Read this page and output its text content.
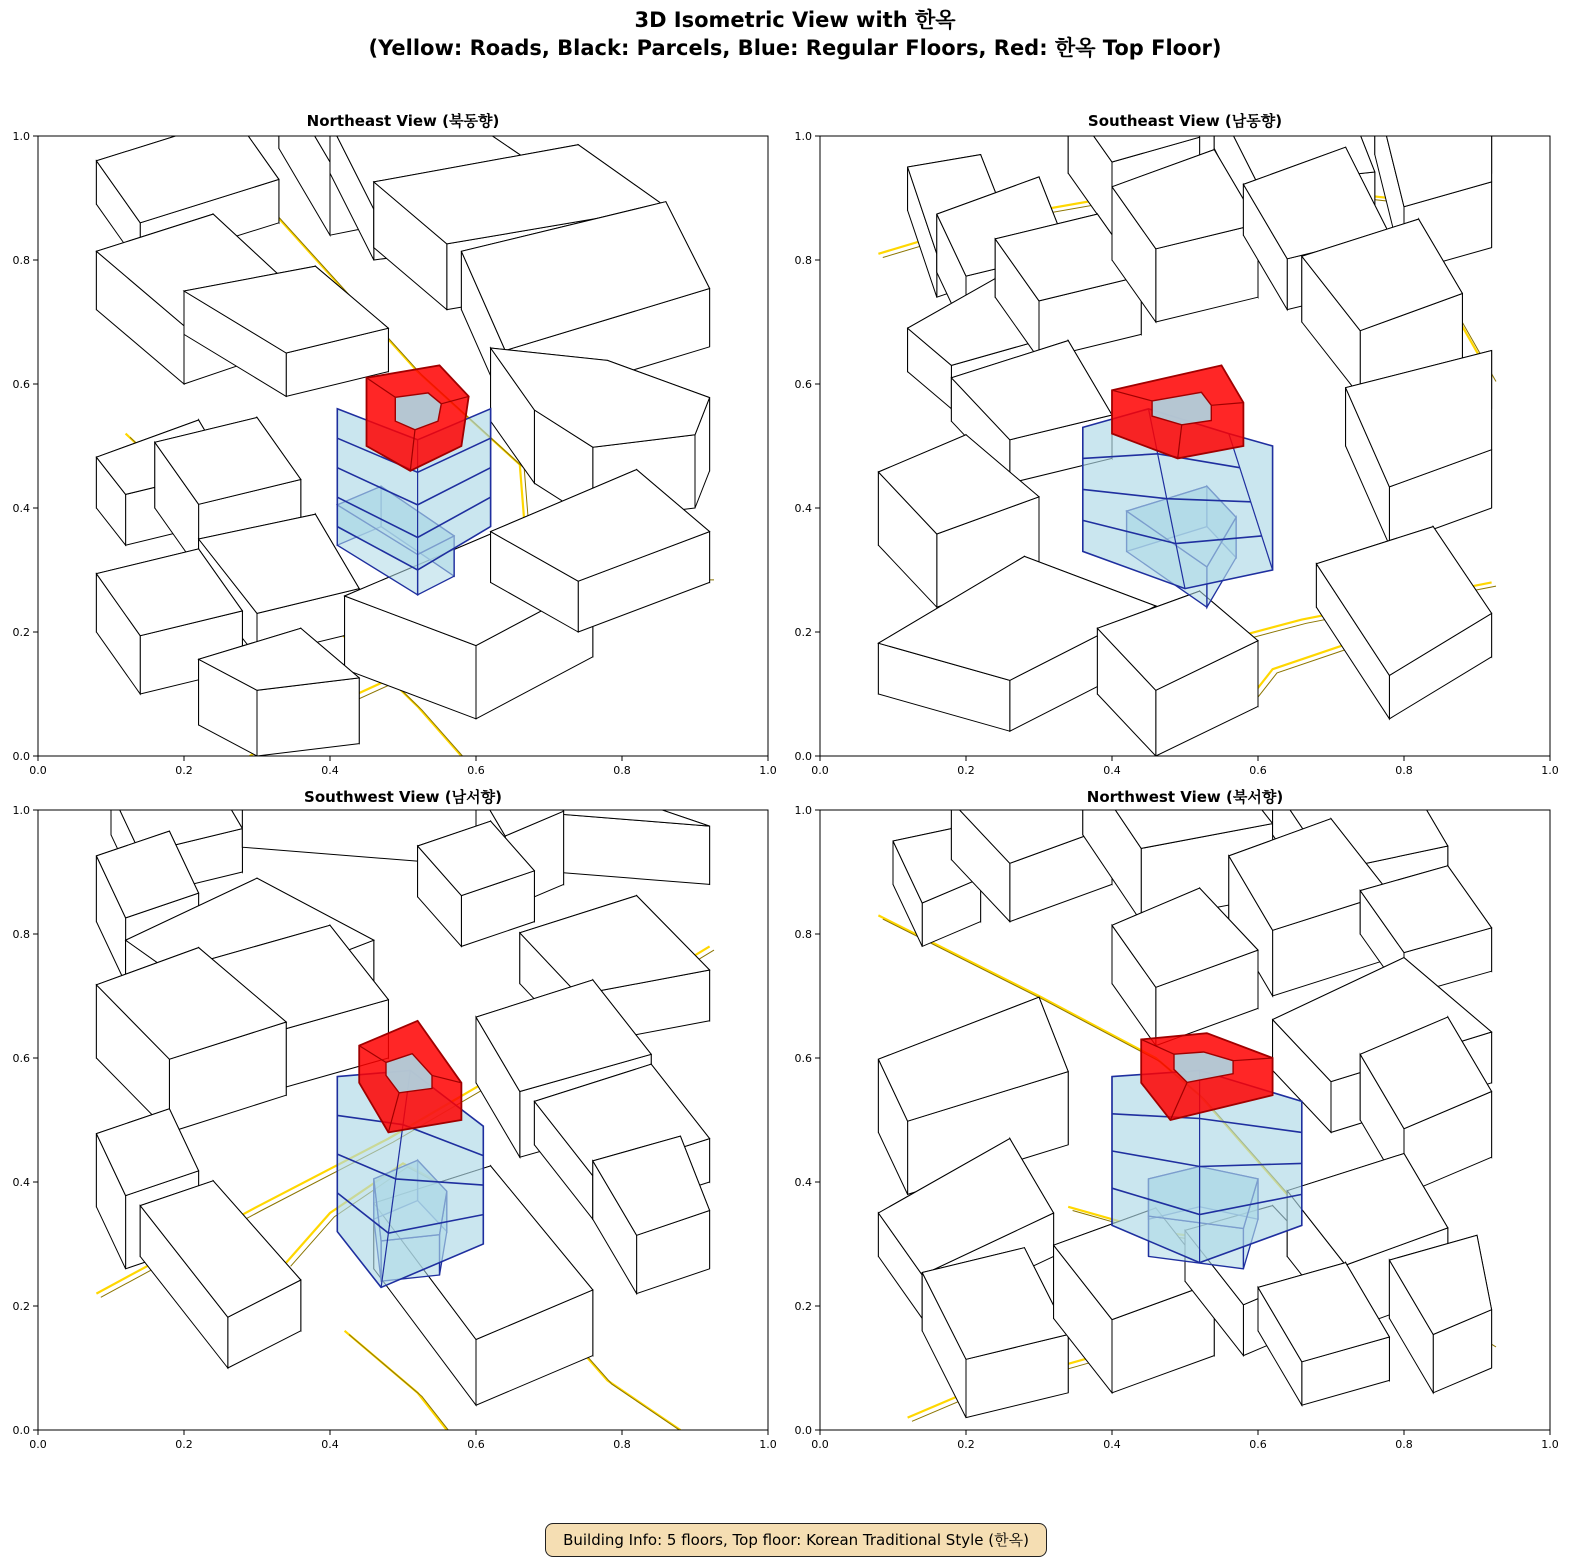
3D Isometric View with 한옥
(Yellow: Roads, Black: Parcels, Blue: Regular Floors, Red: 한옥 Top Floor)
Northeast View (북동향)	Southeast View (남동향)
Southwest View (남서향)	Northwest View (북서향)
0.0	0.2	0.4	0.6	0.8	1.0
0.0
0.2
0.4
0.6
0.8
1.0
0.0	0.2	0.4	0.6	0.8	1.0
0.0
0.2
0.4
0.6
0.8
1.0
0.0	0.2	0.4	0.6	0.8	1.0
0.0
0.2
0.4
0.6
0.8
1.0
0.0	0.2	0.4	0.6	0.8	1.0
0.0
0.2
0.4
0.6
0.8
1.0
Building Info: 5 floors, Top floor: Korean Traditional Style (한옥)
